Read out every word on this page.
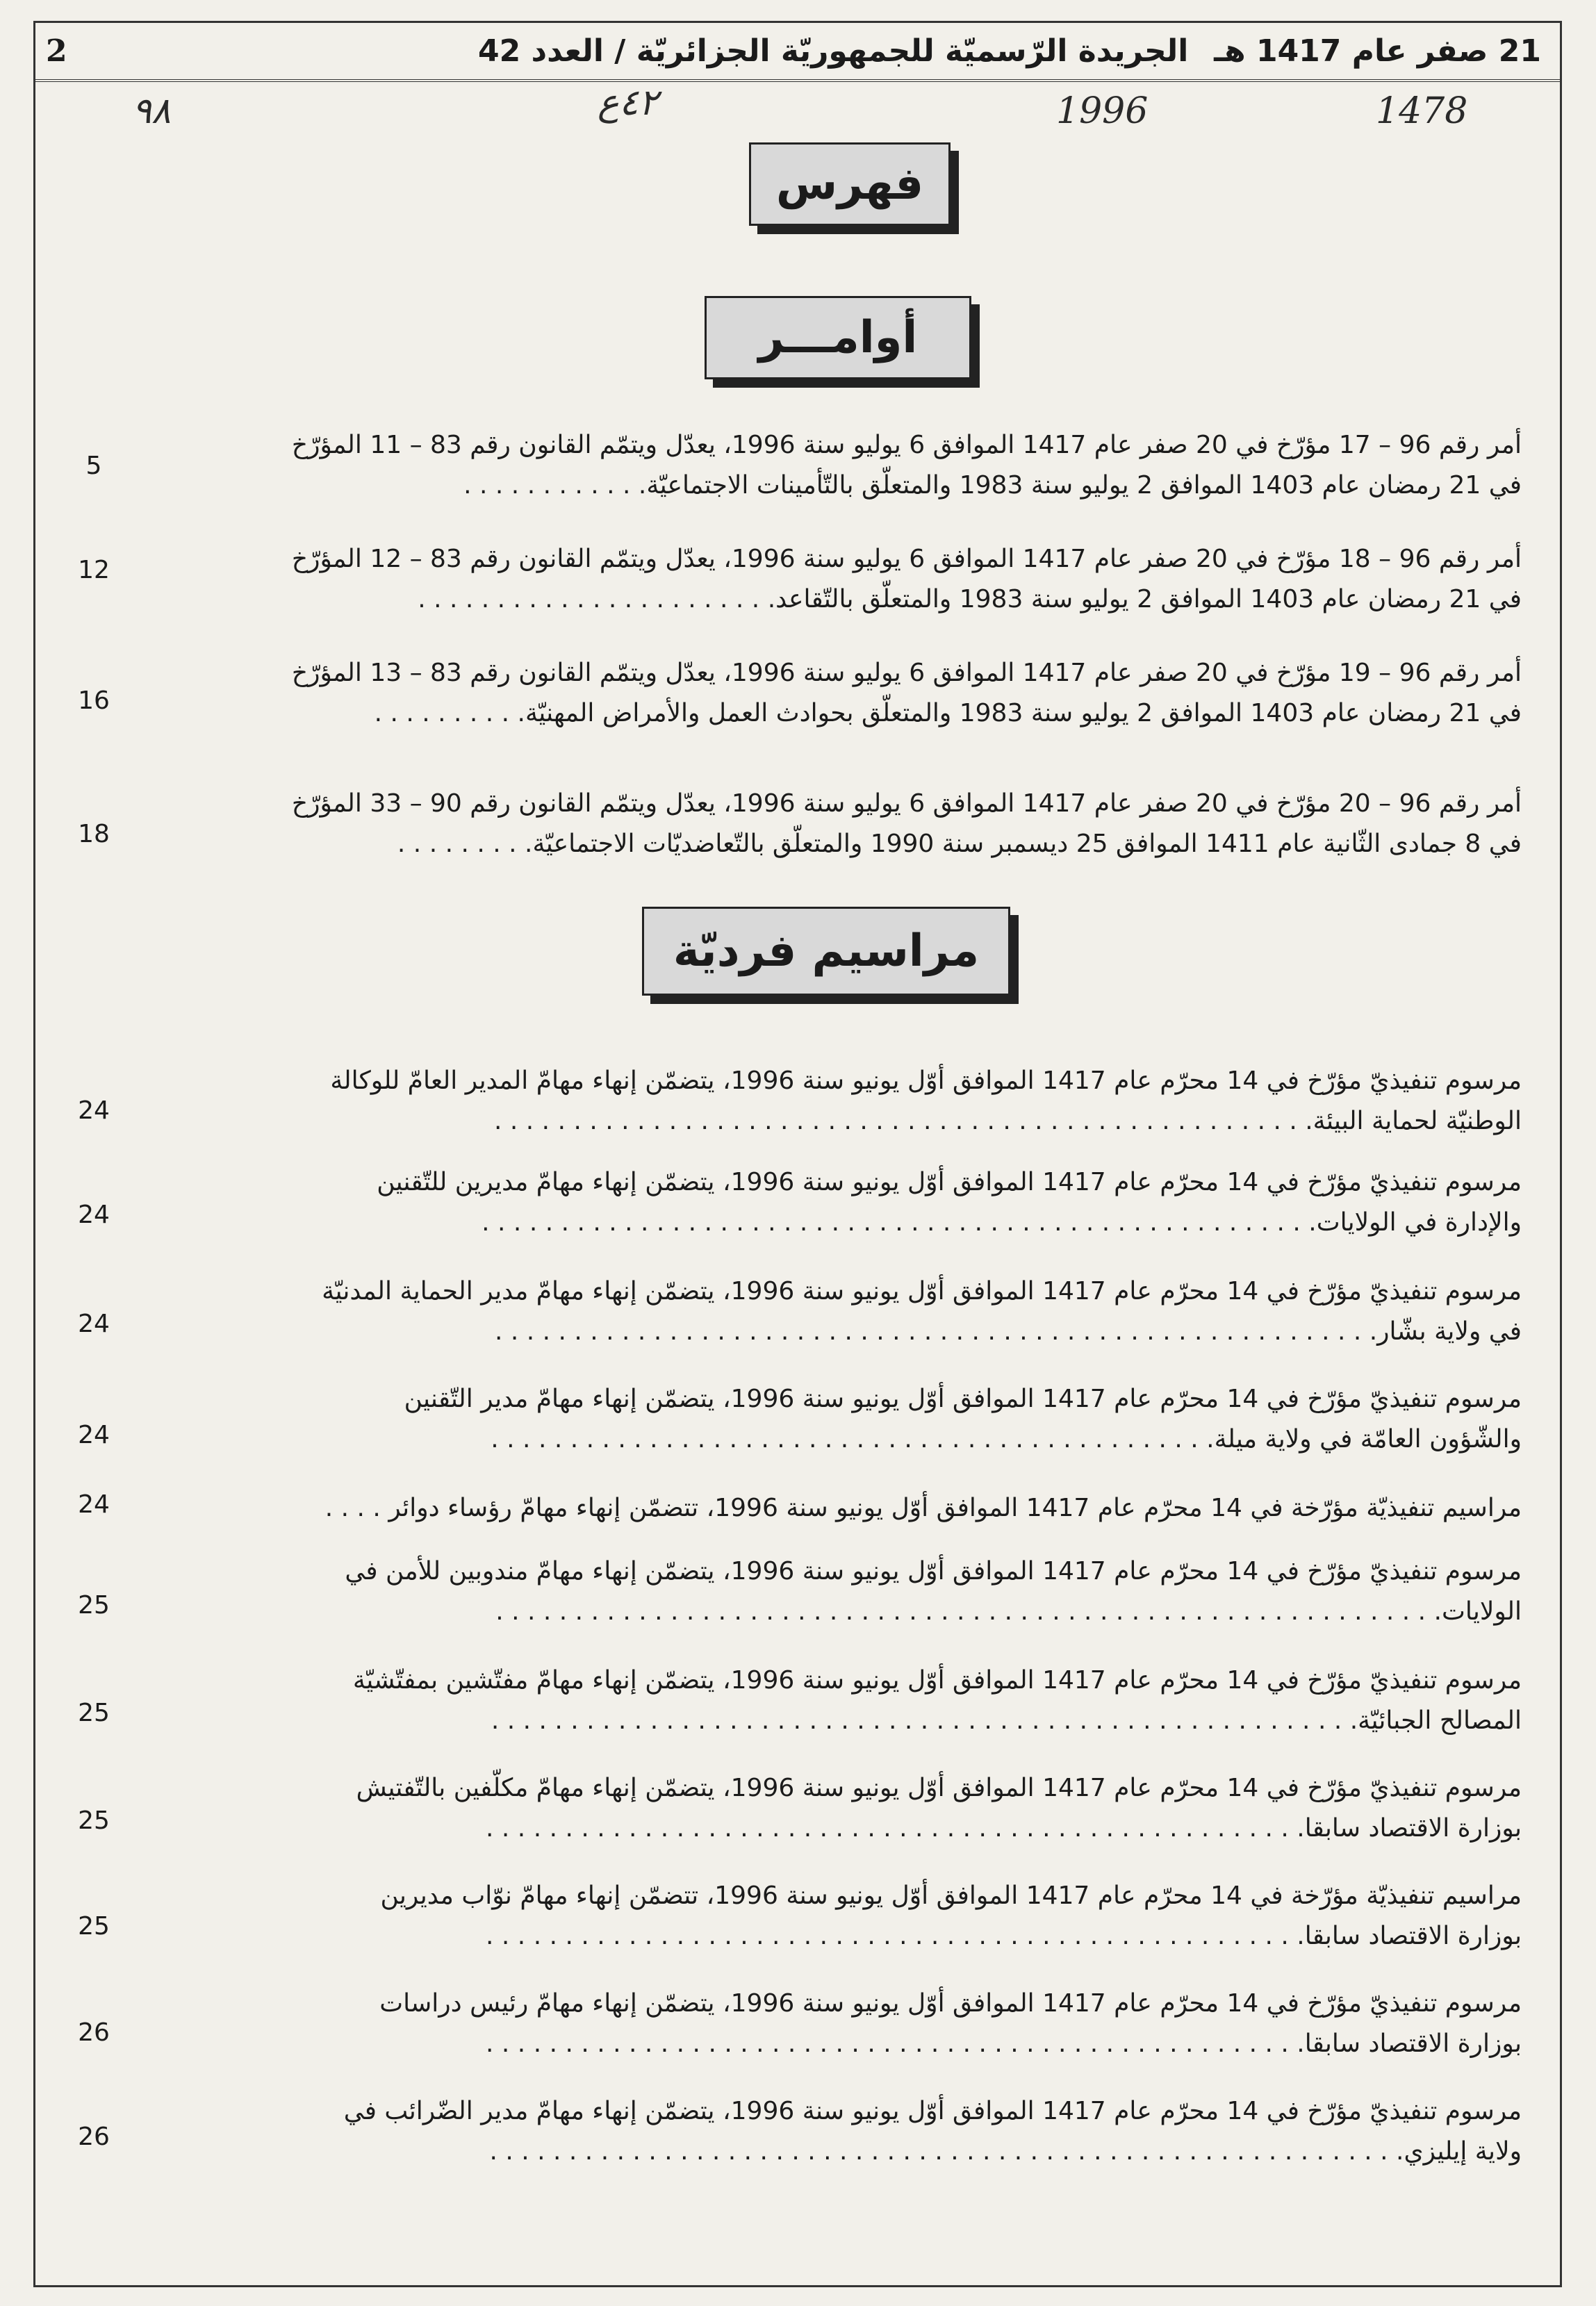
2	الجريدة الرّسميّة للجمهوريّة الجزائريّة / العدد 42 21 صفر عام 1417 هـ
٩٨	٤٢ع	1996	1478
فهرس
أوامـــر
أمر رقم 96 – 17 مؤرّخ في 20 صفر عام 1417 الموافق 6 يوليو سنة 1996، يعدّل ويتمّم القانون رقم 83 – 11 المؤرّخ
في 21 رمضان عام 1403 الموافق 2 يوليو سنة 1983 والمتعلّق بالتّأمينات الاجتماعيّة. . . . . . . . . . . .
5
أمر رقم 96 – 18 مؤرّخ في 20 صفر عام 1417 الموافق 6 يوليو سنة 1996، يعدّل ويتمّم القانون رقم 83 – 12 المؤرّخ
في 21 رمضان عام 1403 الموافق 2 يوليو سنة 1983 والمتعلّق بالتّقاعد. . . . . . . . . . . . . . . . . . . . . . .
12
أمر رقم 96 – 19 مؤرّخ في 20 صفر عام 1417 الموافق 6 يوليو سنة 1996، يعدّل ويتمّم القانون رقم 83 – 13 المؤرّخ
في 21 رمضان عام 1403 الموافق 2 يوليو سنة 1983 والمتعلّق بحوادث العمل والأمراض المهنيّة. . . . . . . . . .
16
أمر رقم 96 – 20 مؤرّخ في 20 صفر عام 1417 الموافق 6 يوليو سنة 1996، يعدّل ويتمّم القانون رقم 90 – 33 المؤرّخ
في 8 جمادى الثّانية عام 1411 الموافق 25 ديسمبر سنة 1990 والمتعلّق بالتّعاضديّات الاجتماعيّة. . . . . . . . .
18
مراسيم فرديّة
مرسوم تنفيذيّ مؤرّخ في 14 محرّم عام 1417 الموافق أوّل يونيو سنة 1996، يتضمّن إنهاء مهامّ المدير العامّ للوكالة
الوطنيّة لحماية البيئة. . . . . . . . . . . . . . . . . . . . . . . . . . . . . . . . . . . . . . . . . . . . . . . . . . . .
24
مرسوم تنفيذيّ مؤرّخ في 14 محرّم عام 1417 الموافق أوّل يونيو سنة 1996، يتضمّن إنهاء مهامّ مديرين للتّقنين
والإدارة في الولايات. . . . . . . . . . . . . . . . . . . . . . . . . . . . . . . . . . . . . . . . . . . . . . . . . . . . .
24
مرسوم تنفيذيّ مؤرّخ في 14 محرّم عام 1417 الموافق أوّل يونيو سنة 1996، يتضمّن إنهاء مهامّ مدير الحماية المدنيّة
في ولاية بشّار. . . . . . . . . . . . . . . . . . . . . . . . . . . . . . . . . . . . . . . . . . . . . . . . . . . . . . . .
24
مرسوم تنفيذيّ مؤرّخ في 14 محرّم عام 1417 الموافق أوّل يونيو سنة 1996، يتضمّن إنهاء مهامّ مدير التّقنين
والشّؤون العامّة في ولاية ميلة. . . . . . . . . . . . . . . . . . . . . . . . . . . . . . . . . . . . . . . . . . . . . .
24
مراسيم تنفيذيّة مؤرّخة في 14 محرّم عام 1417 الموافق أوّل يونيو سنة 1996، تتضمّن إنهاء مهامّ رؤساء دوائر . . . .
24
مرسوم تنفيذيّ مؤرّخ في 14 محرّم عام 1417 الموافق أوّل يونيو سنة 1996، يتضمّن إنهاء مهامّ مندوبين للأمن في
الولايات. . . . . . . . . . . . . . . . . . . . . . . . . . . . . . . . . . . . . . . . . . . . . . . . . . . . . . . . . . . .
25
مرسوم تنفيذيّ مؤرّخ في 14 محرّم عام 1417 الموافق أوّل يونيو سنة 1996، يتضمّن إنهاء مهامّ مفتّشين بمفتّشيّة
المصالح الجبائيّة. . . . . . . . . . . . . . . . . . . . . . . . . . . . . . . . . . . . . . . . . . . . . . . . . . . . . . .
25
مرسوم تنفيذيّ مؤرّخ في 14 محرّم عام 1417 الموافق أوّل يونيو سنة 1996، يتضمّن إنهاء مهامّ مكلّفين بالتّفتيش
بوزارة الاقتصاد سابقا. . . . . . . . . . . . . . . . . . . . . . . . . . . . . . . . . . . . . . . . . . . . . . . . . . . .
25
مراسيم تنفيذيّة مؤرّخة في 14 محرّم عام 1417 الموافق أوّل يونيو سنة 1996، تتضمّن إنهاء مهامّ نوّاب مديرين
بوزارة الاقتصاد سابقا. . . . . . . . . . . . . . . . . . . . . . . . . . . . . . . . . . . . . . . . . . . . . . . . . . . .
25
مرسوم تنفيذيّ مؤرّخ في 14 محرّم عام 1417 الموافق أوّل يونيو سنة 1996، يتضمّن إنهاء مهامّ رئيس دراسات
بوزارة الاقتصاد سابقا. . . . . . . . . . . . . . . . . . . . . . . . . . . . . . . . . . . . . . . . . . . . . . . . . . . .
26
مرسوم تنفيذيّ مؤرّخ في 14 محرّم عام 1417 الموافق أوّل يونيو سنة 1996، يتضمّن إنهاء مهامّ مدير الضّرائب في
ولاية إيليزي. . . . . . . . . . . . . . . . . . . . . . . . . . . . . . . . . . . . . . . . . . . . . . . . . . . . . . . . . .
26
